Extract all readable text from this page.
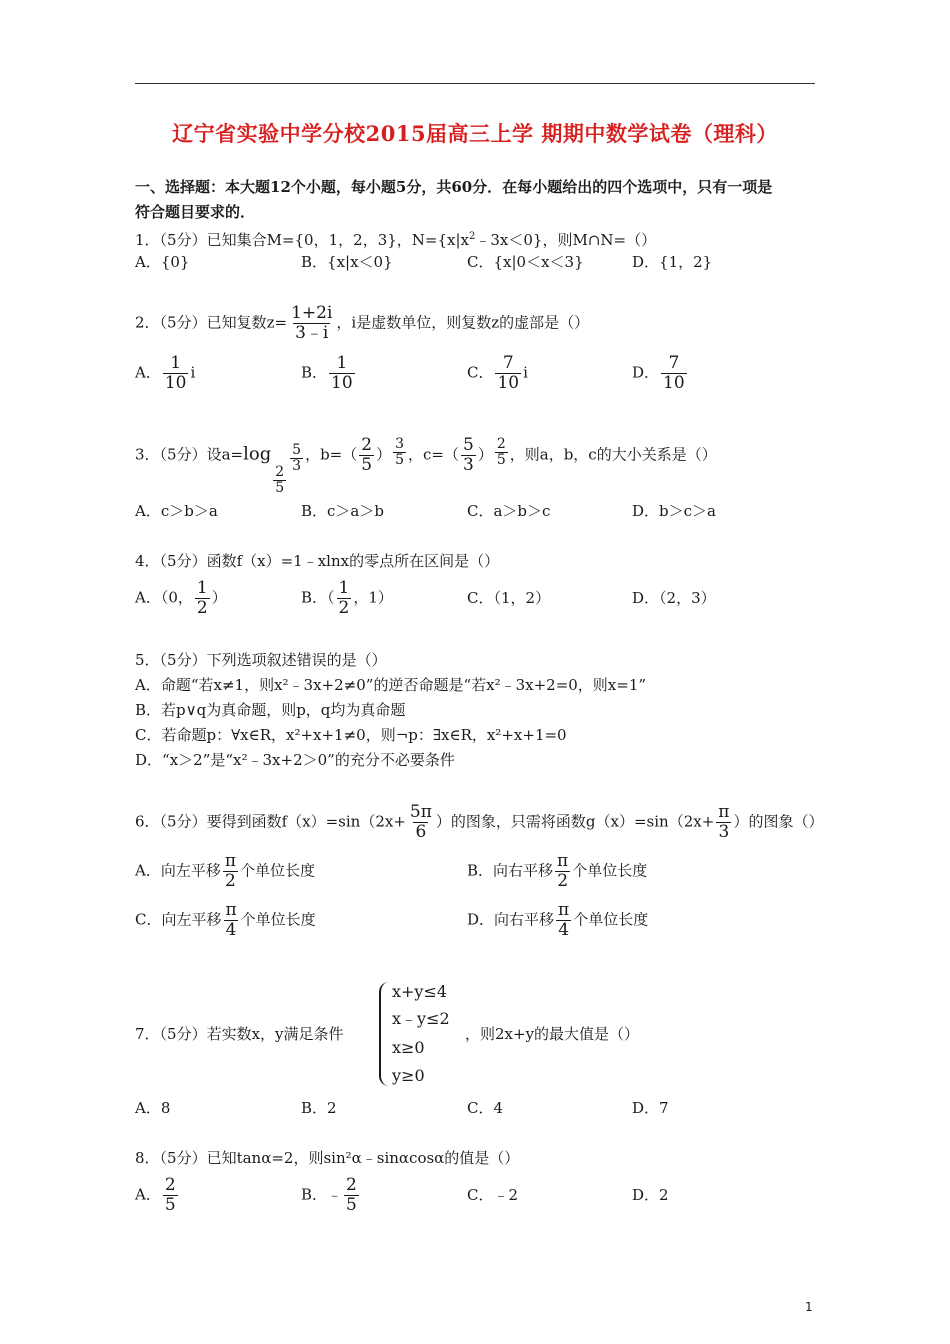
辽宁省实验中学分校2015届高三上学 期期中数学试卷（理科）
一、选择题：本大题12个小题，每小题5分，共60分．在每小题给出的四个选项中，只有一项是
符合题目要求的．
1．（5分）已知集合M={0，1，2，3}，$N=\{x|x^2﹣3x<0\}$，则M∩N=（）
A．{0}	B．{x|x＜0}	C．{x|0＜x＜3}	D．{1，2}
2．（5分）已知复数$z= \frac{1+2i}{3﹣i}$ ，i是虚数单位，则复数z的虚部是（）
A． $\frac{1}{10}$ i	B． $\frac{1}{10}$	C． $\frac{7}{10}$ i	D． $\frac{7}{10}$
3．（5分）设a=log
$\frac{2}{5}$
$\frac{5}{3}$ ，$b=( \frac{2}{5}$ ） $\frac{3}{5}$ ，$c=( \frac{5}{3}$ ） $\frac{2}{5}$ ，则a，b，c的大小关系是（）
A．c＞b＞a	B．c＞a＞b	C．a＞b＞c	D．b＞c＞a
4．（5分）函数f（x）=1﹣xlnx的零点所在区间是（）
A．（0， $\frac{1}{2}$ ）	B．（ $\frac{1}{2}$ ，1）	C．（1，2）	D．（2，3）
5．（5分）下列选项叙述错误的是（）
A．命题“若x≠1，则x²﹣3x+2≠0”的逆否命题是“若x²﹣3x+2=0，则x=1”
B．若p∨q为真命题，则p，q均为真命题
C．若命题p：∀x∈R，x²+x+1≠0，则¬p：∃x∈R，x²+x+1=0
D．“x＞2”是“x²﹣3x+2＞0”的充分不必要条件
6．（5分）要得到函数$f(x)=\sin(2x+ \frac{5\pi}{6}$ ）的图象，只需将函数$g(x)=\sin(2x+ \frac{\pi}{3}$ ）的图象（）
A．向左平移 $\frac{\pi}{2}$ 个单位长度	B．向右平移 $\frac{\pi}{2}$ 个单位长度
C．向左平移 $\frac{\pi}{4}$ 个单位长度	D．向右平移 $\frac{\pi}{4}$ 个单位长度
7．（5分）若实数x，y满足条件
x+y≤4
x﹣y≤2
x≥0
y≥0
，则2x+y的最大值是（）
A．8	B．2	C．4	D．7
8．（5分）已知tanα=2，则sin²α﹣sinαcosα的值是（）
A． $\frac{2}{5}$	B．﹣ $\frac{2}{5}$	C．﹣2	D．2
1
